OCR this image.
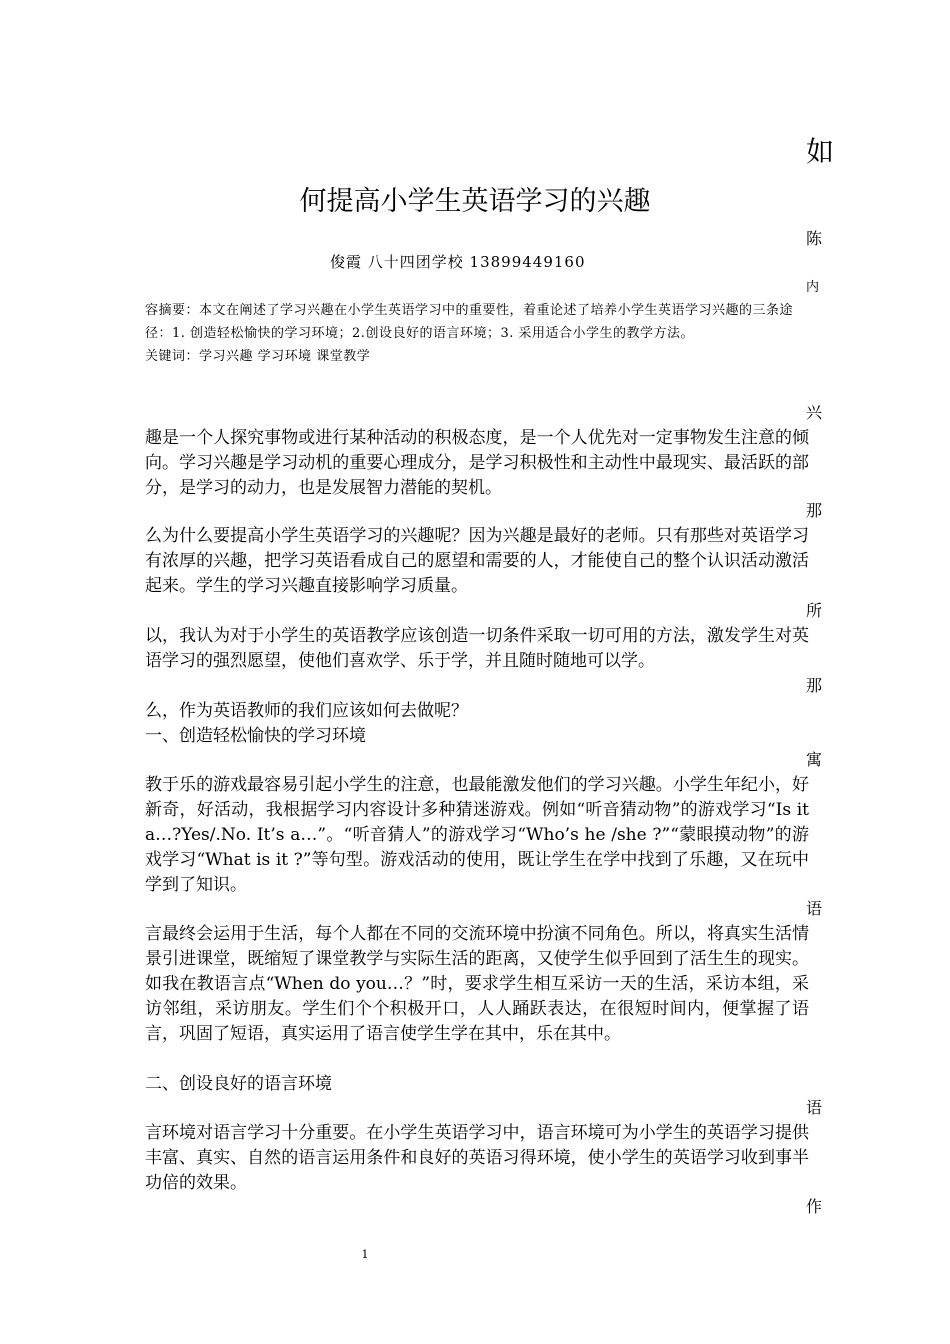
如
何提高小学生英语学习的兴趣
陈
俊霞 八十四团学校 13899449160
内
容摘要：本文在阐述了学习兴趣在小学生英语学习中的重要性，着重论述了培养小学生英语学习兴趣的三条途径：1. 创造轻松愉快的学习环境；2.创设良好的语言环境；3. 采用适合小学生的教学方法。
关键词：学习兴趣 学习环境 课堂教学
兴
趣是一个人探究事物或进行某种活动的积极态度，是一个人优先对一定事物发生注意的倾向。学习兴趣是学习动机的重要心理成分，是学习积极性和主动性中最现实、最活跃的部分，是学习的动力，也是发展智力潜能的契机。
那
么为什么要提高小学生英语学习的兴趣呢？因为兴趣是最好的老师。只有那些对英语学习有浓厚的兴趣，把学习英语看成自己的愿望和需要的人，才能使自己的整个认识活动激活起来。学生的学习兴趣直接影响学习质量。
所
以，我认为对于小学生的英语教学应该创造一切条件采取一切可用的方法，激发学生对英语学习的强烈愿望，使他们喜欢学、乐于学，并且随时随地可以学。
那
么，作为英语教师的我们应该如何去做呢？
一、创造轻松愉快的学习环境
寓
教于乐的游戏最容易引起小学生的注意，也最能激发他们的学习兴趣。小学生年纪小，好新奇，好活动，我根据学习内容设计多种猜迷游戏。例如“听音猜动物”的游戏学习“Is it a…?Yes/.No. It’s a…”。“听音猜人”的游戏学习“Who’s he /she ?”“蒙眼摸动物”的游戏学习“What is it ?”等句型。游戏活动的使用，既让学生在学中找到了乐趣，又在玩中学到了知识。
语
言最终会运用于生活，每个人都在不同的交流环境中扮演不同角色。所以，将真实生活情景引进课堂，既缩短了课堂教学与实际生活的距离，又使学生似乎回到了活生生的现实。如我在教语言点“When do you…？”时，要求学生相互采访一天的生活，采访本组，采访邻组，采访朋友。学生们个个积极开口，人人踊跃表达，在很短时间内，便掌握了语言，巩固了短语，真实运用了语言使学生学在其中，乐在其中。
二、创设良好的语言环境
语
言环境对语言学习十分重要。在小学生英语学习中，语言环境可为小学生的英语学习提供丰富、真实、自然的语言运用条件和良好的英语习得环境，使小学生的英语学习收到事半功倍的效果。
作
1
